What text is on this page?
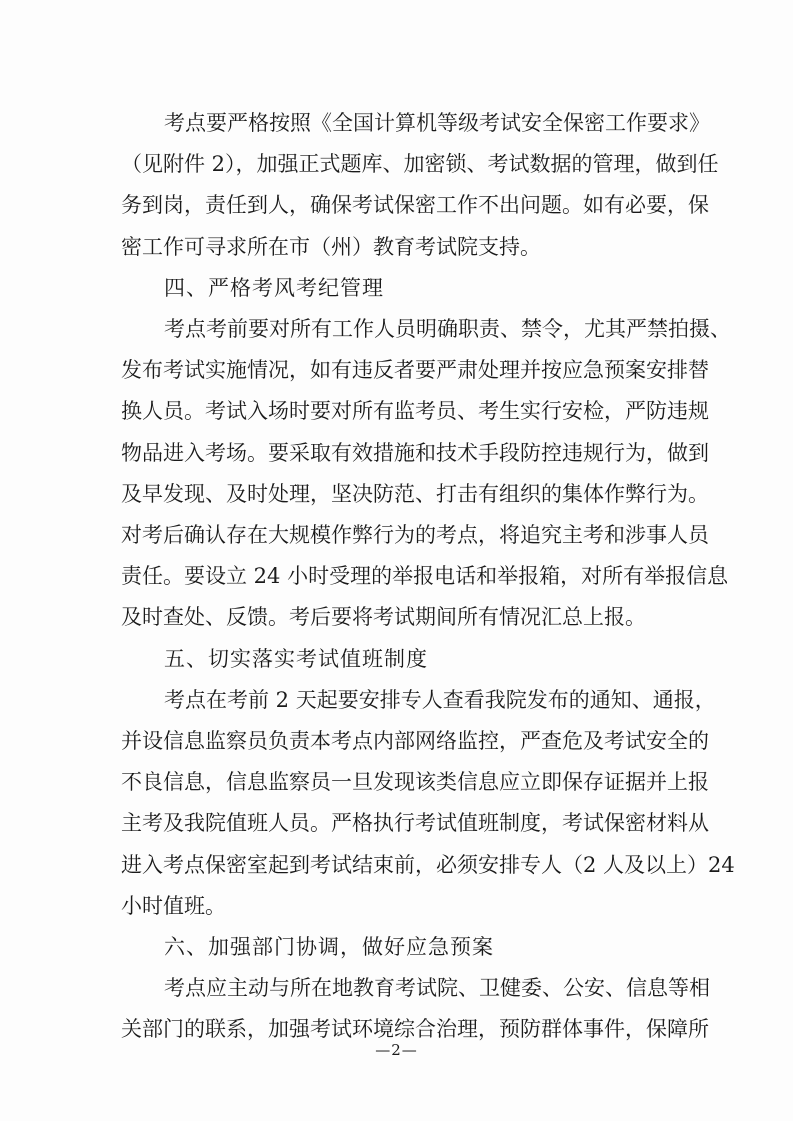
考点要严格按照《全国计算机等级考试安全保密工作要求》
（见附件 2），加强正式题库、加密锁、考试数据的管理，做到任
务到岗，责任到人，确保考试保密工作不出问题。如有必要，保
密工作可寻求所在市（州）教育考试院支持。
四、严格考风考纪管理
考点考前要对所有工作人员明确职责、禁令，尤其严禁拍摄、
发布考试实施情况，如有违反者要严肃处理并按应急预案安排替
换人员。考试入场时要对所有监考员、考生实行安检，严防违规
物品进入考场。要采取有效措施和技术手段防控违规行为，做到
及早发现、及时处理，坚决防范、打击有组织的集体作弊行为。
对考后确认存在大规模作弊行为的考点，将追究主考和涉事人员
责任。要设立 24 小时受理的举报电话和举报箱，对所有举报信息
及时查处、反馈。考后要将考试期间所有情况汇总上报。
五、切实落实考试值班制度
考点在考前 2 天起要安排专人查看我院发布的通知、通报，
并设信息监察员负责本考点内部网络监控，严查危及考试安全的
不良信息，信息监察员一旦发现该类信息应立即保存证据并上报
主考及我院值班人员。严格执行考试值班制度，考试保密材料从
进入考点保密室起到考试结束前，必须安排专人（2 人及以上）24
小时值班。
—2—
六、加强部门协调，做好应急预案
考点应主动与所在地教育考试院、卫健委、公安、信息等相
关部门的联系，加强考试环境综合治理，预防群体事件，保障所
